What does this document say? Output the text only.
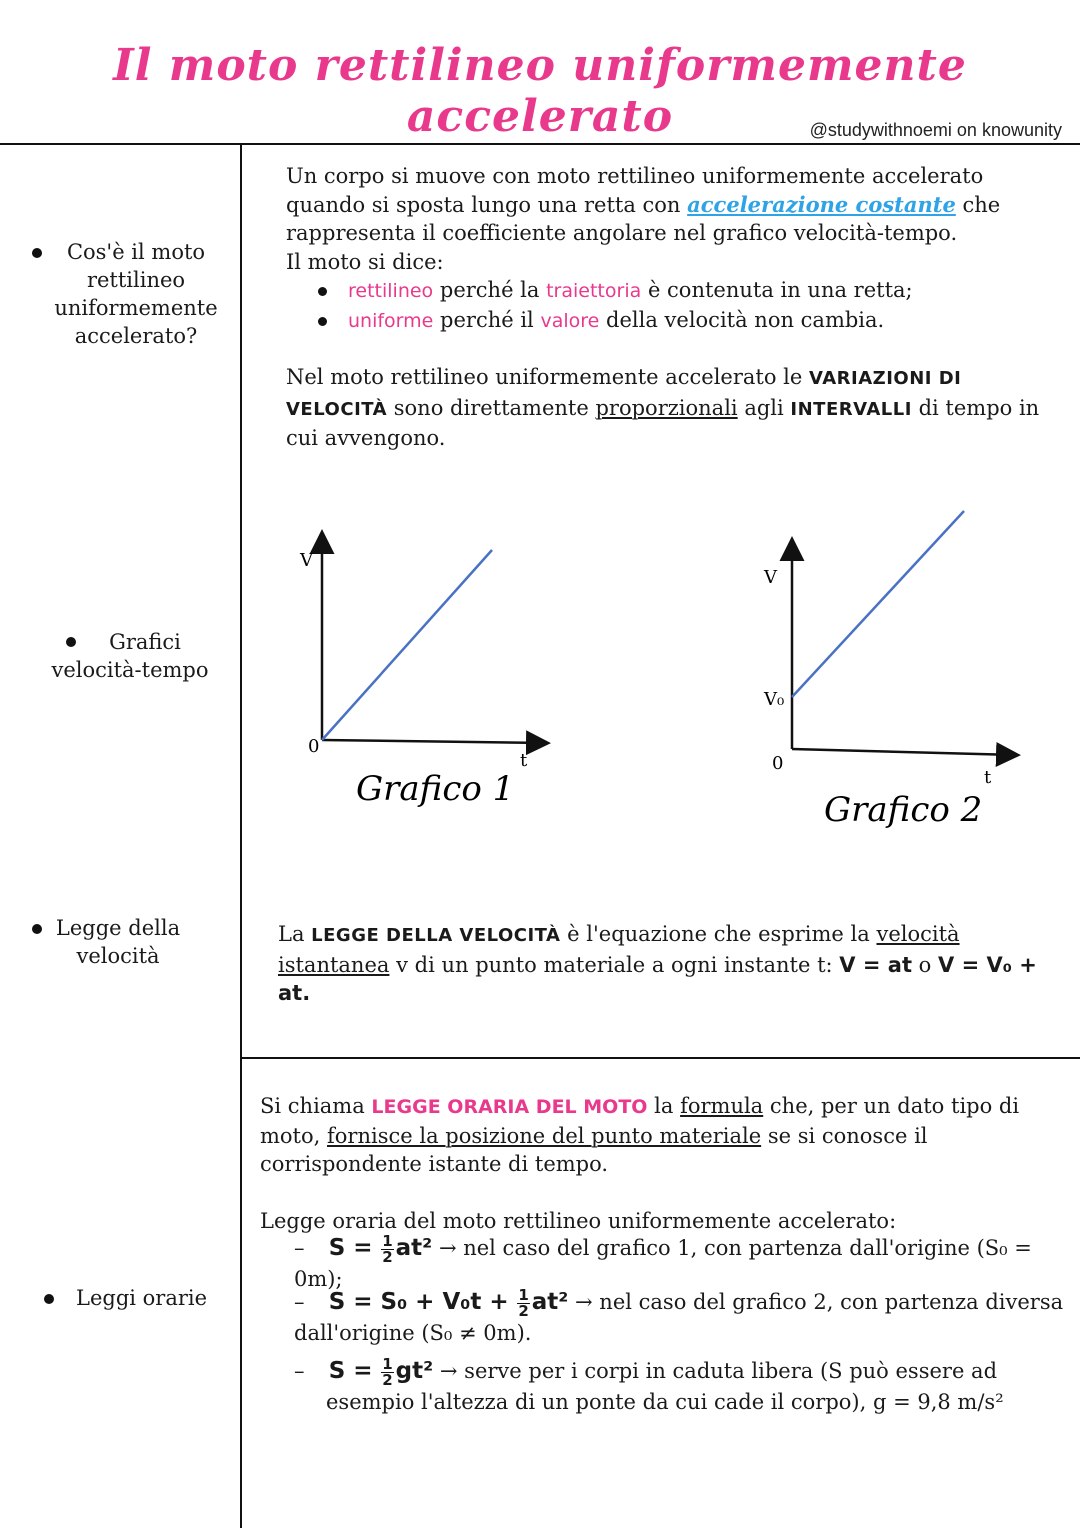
Il moto rettilineo uniformemente accelerato	@studywithnoemi on knowunity
Cos'è il moto rettilineo uniformemente accelerato?
Grafici velocità-tempo
Legge della velocità
Leggi orarie
Un corpo si muove con moto rettilineo uniformemente accelerato quando si sposta lungo una retta con accelerazione costante che rappresenta il coefficiente angolare nel grafico velocità-tempo.
Il moto si dice:
rettilineo perché la traiettoria è contenuta in una retta;
uniforme perché il valore della velocità non cambia.
Nel moto rettilineo uniformemente accelerato le VARIAZIONI DI VELOCITÀ sono direttamente proporzionali agli INTERVALLI di tempo in cui avvengono.
V
0
t
Grafico 1
V
V₀
0
t
Grafico 2
La LEGGE DELLA VELOCITÀ è l'equazione che esprime la velocità istantanea v di un punto materiale a ogni instante t: V = at o V = V₀ + at.
Si chiama LEGGE ORARIA DEL MOTO la formula che, per un dato tipo di moto, fornisce la posizione del punto materiale se si conosce il corrispondente istante di tempo.
Legge oraria del moto rettilineo uniformemente accelerato:
– $S = \frac{1}{2} at^2$ → nel caso del grafico 1, con partenza dall'origine (S₀ = 0m);
– $S = S_0 + V_0t + \frac{1}{2} at^2$ → nel caso del grafico 2, con partenza diversa dall'origine (S₀ ≠ 0m).
– $S = \frac{1}{2} gt^2$ → serve per i corpi in caduta libera (S può essere ad esempio l'altezza di un ponte da cui cade il corpo), g = 9,8 m/s²
